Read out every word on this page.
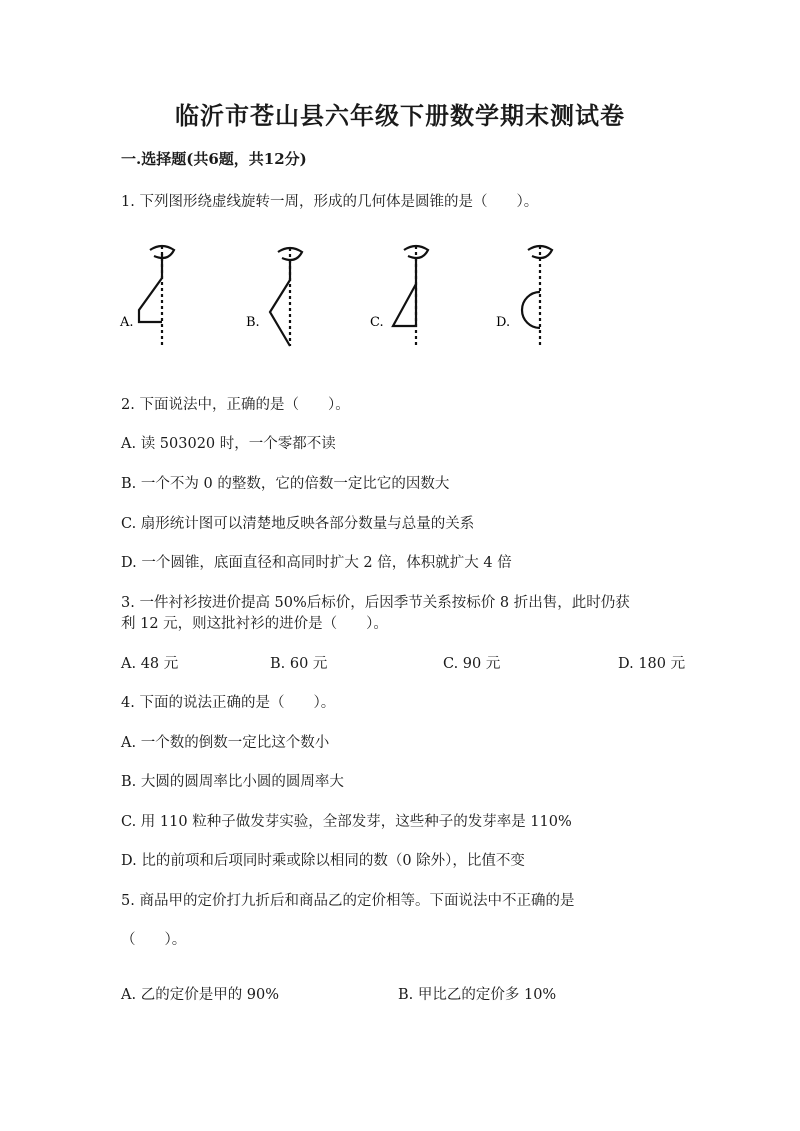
临沂市苍山县六年级下册数学期末测试卷
一.选择题(共6题，共12分)
1. 下列图形绕虚线旋转一周，形成的几何体是圆锥的是（　　）。
A.	B.	C.	D.
2. 下面说法中，正确的是（　　）。
A. 读 503020 时，一个零都不读
B. 一个不为 0 的整数，它的倍数一定比它的因数大
C. 扇形统计图可以清楚地反映各部分数量与总量的关系
D. 一个圆锥，底面直径和高同时扩大 2 倍，体积就扩大 4 倍
3. 一件衬衫按进价提高 50%后标价，后因季节关系按标价 8 折出售，此时仍获
利 12 元，则这批衬衫的进价是（　　）。
A. 48 元	B. 60 元	C. 90 元	D. 180 元
4. 下面的说法正确的是（　　）。
A. 一个数的倒数一定比这个数小
B. 大圆的圆周率比小圆的圆周率大
C. 用 110 粒种子做发芽实验，全部发芽，这些种子的发芽率是 110%
D. 比的前项和后项同时乘或除以相同的数（0 除外），比值不变
5. 商品甲的定价打九折后和商品乙的定价相等。下面说法中不正确的是
（　　）。
A. 乙的定价是甲的 90%	B. 甲比乙的定价多 10%
